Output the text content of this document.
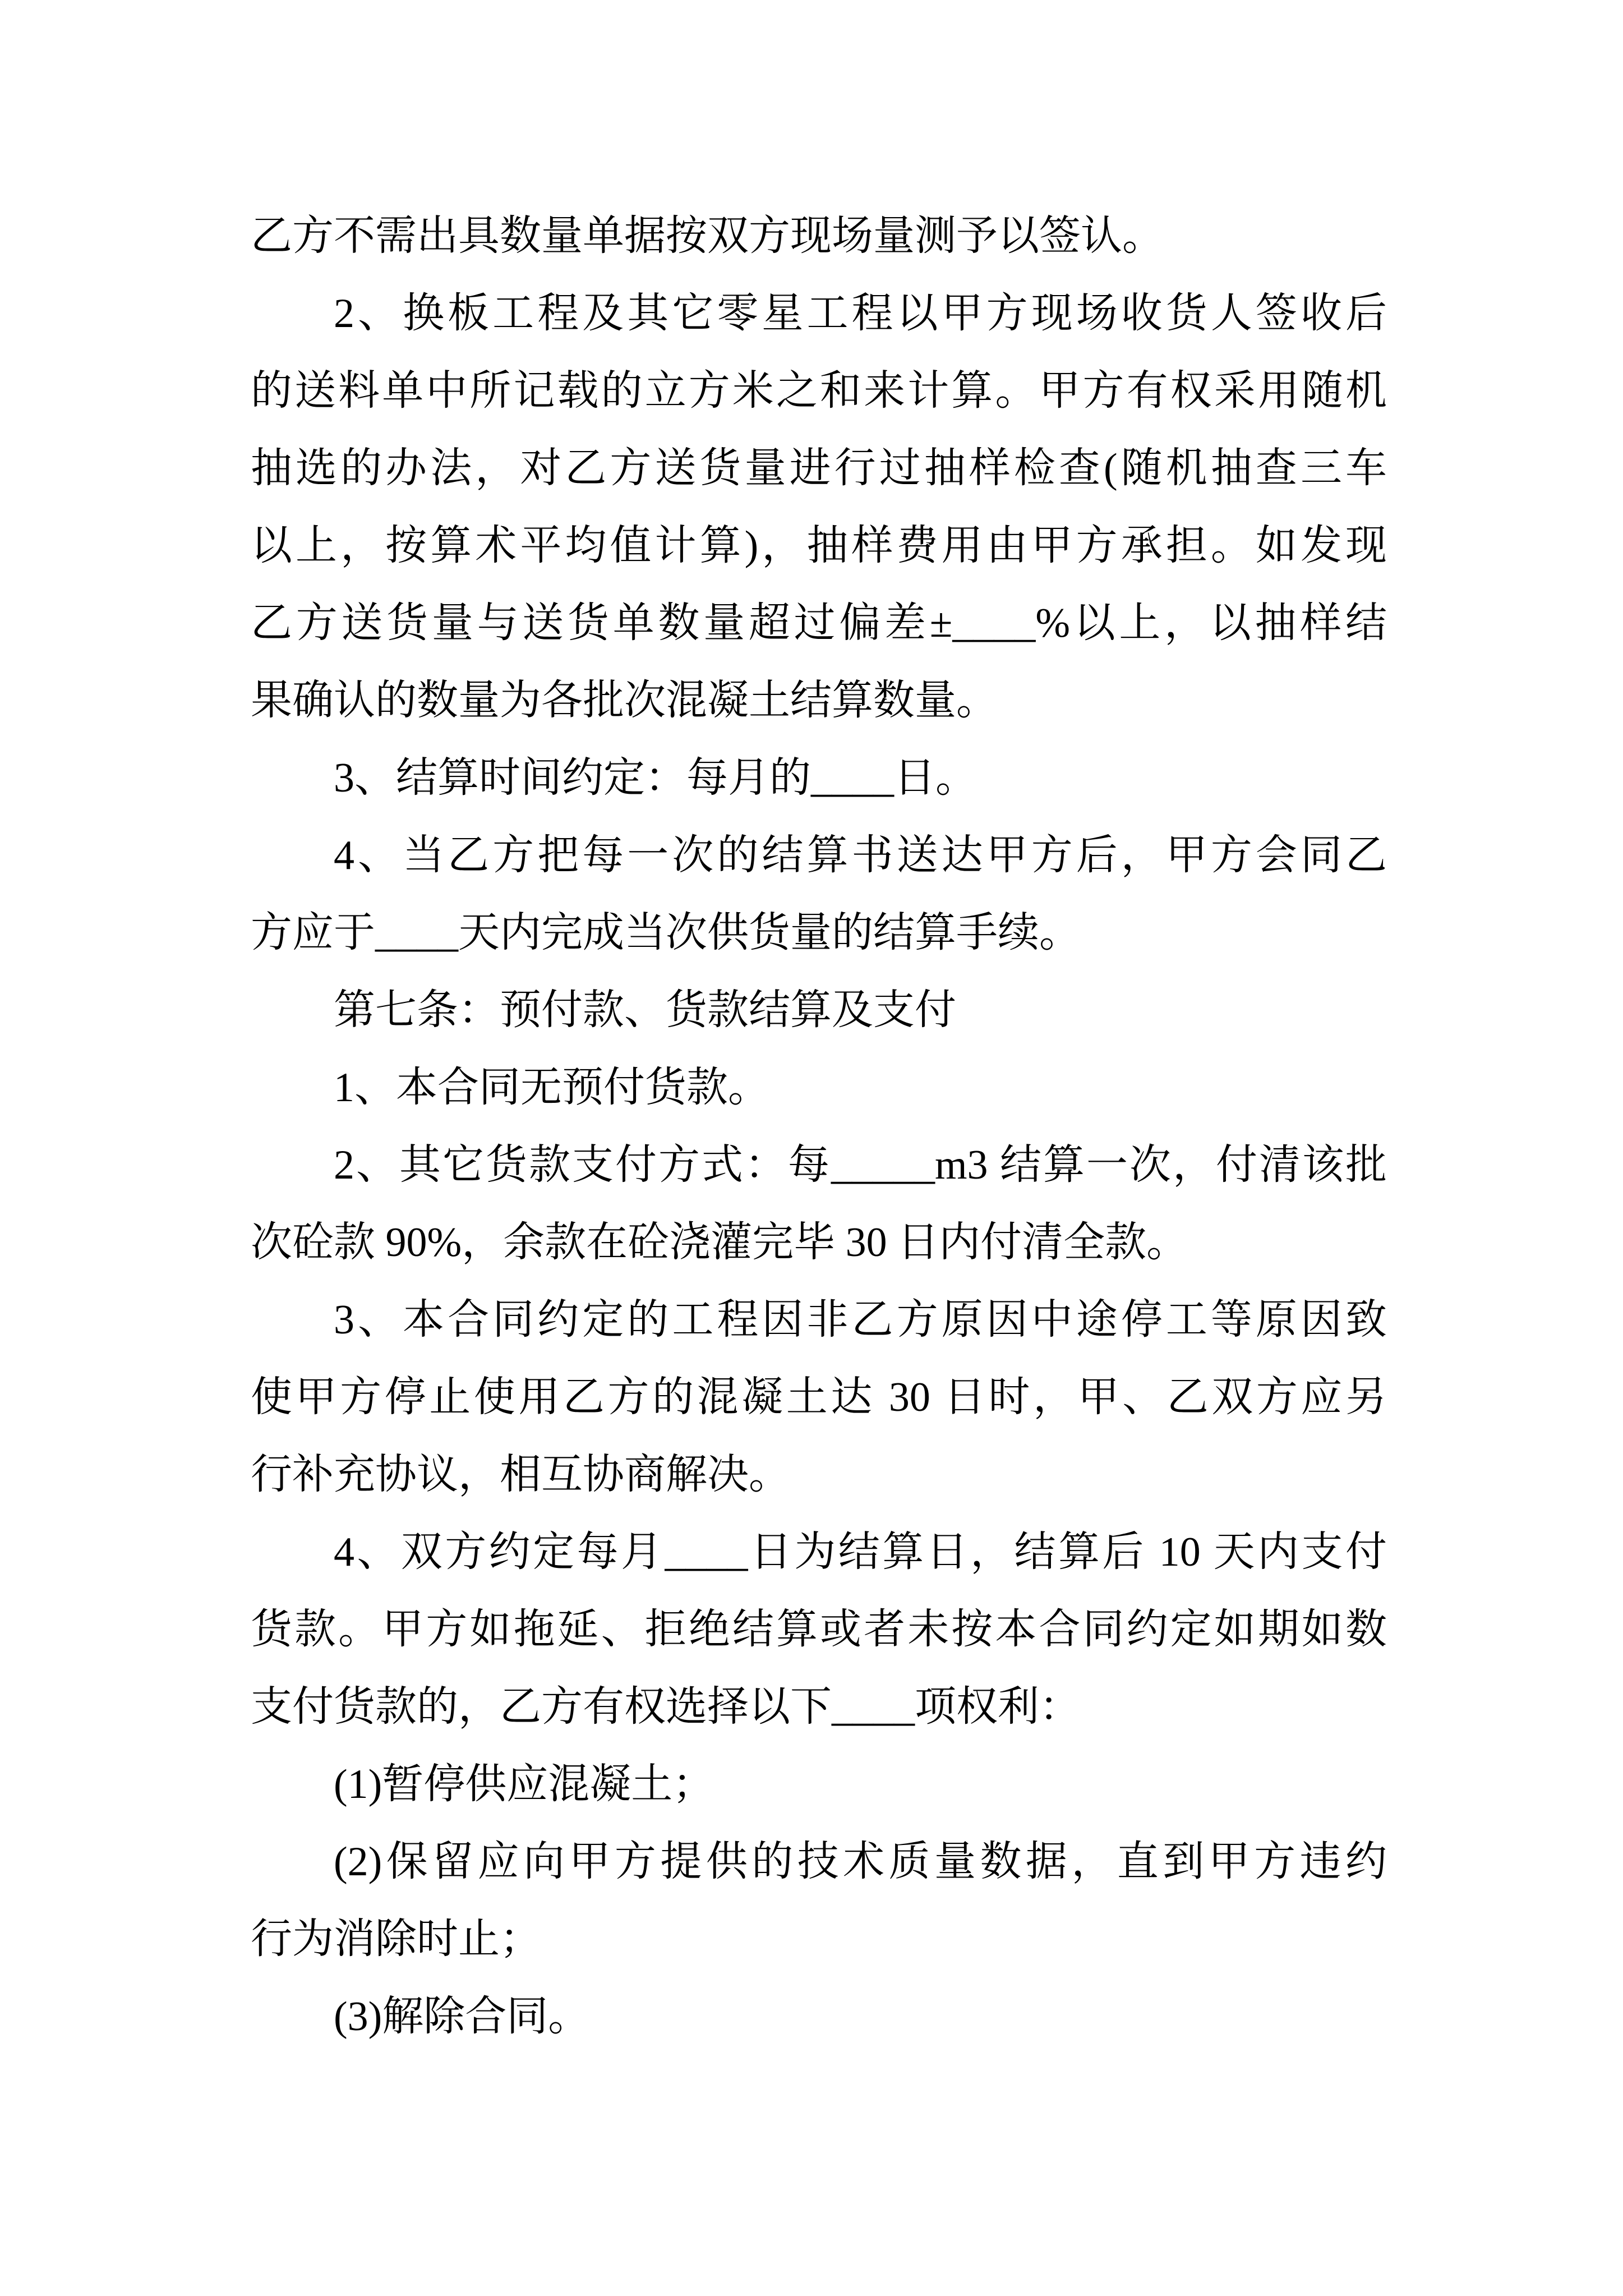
乙方不需出具数量单据按双方现场量测予以签认。
2、换板工程及其它零星工程以甲方现场收货人签收后
的送料单中所记载的立方米之和来计算。甲方有权采用随机
抽选的办法，对乙方送货量进行过抽样检查(随机抽查三车
以上，按算术平均值计算)，抽样费用由甲方承担。如发现
乙方送货量与送货单数量超过偏差±____%以上，以抽样结
果确认的数量为各批次混凝土结算数量。
3、结算时间约定：每月的____日。
4、当乙方把每一次的结算书送达甲方后，甲方会同乙
方应于____天内完成当次供货量的结算手续。
第七条：预付款、货款结算及支付
1、本合同无预付货款。
2、其它货款支付方式：每_____m3 结算一次，付清该批
次砼款 90%，余款在砼浇灌完毕 30 日内付清全款。
3、本合同约定的工程因非乙方原因中途停工等原因致
使甲方停止使用乙方的混凝土达 30 日时，甲、乙双方应另
行补充协议，相互协商解决。
4、双方约定每月____日为结算日，结算后 10 天内支付
货款。甲方如拖延、拒绝结算或者未按本合同约定如期如数
支付货款的，乙方有权选择以下____项权利：
(1)暂停供应混凝土；
(2)保留应向甲方提供的技术质量数据，直到甲方违约
行为消除时止；
(3)解除合同。
